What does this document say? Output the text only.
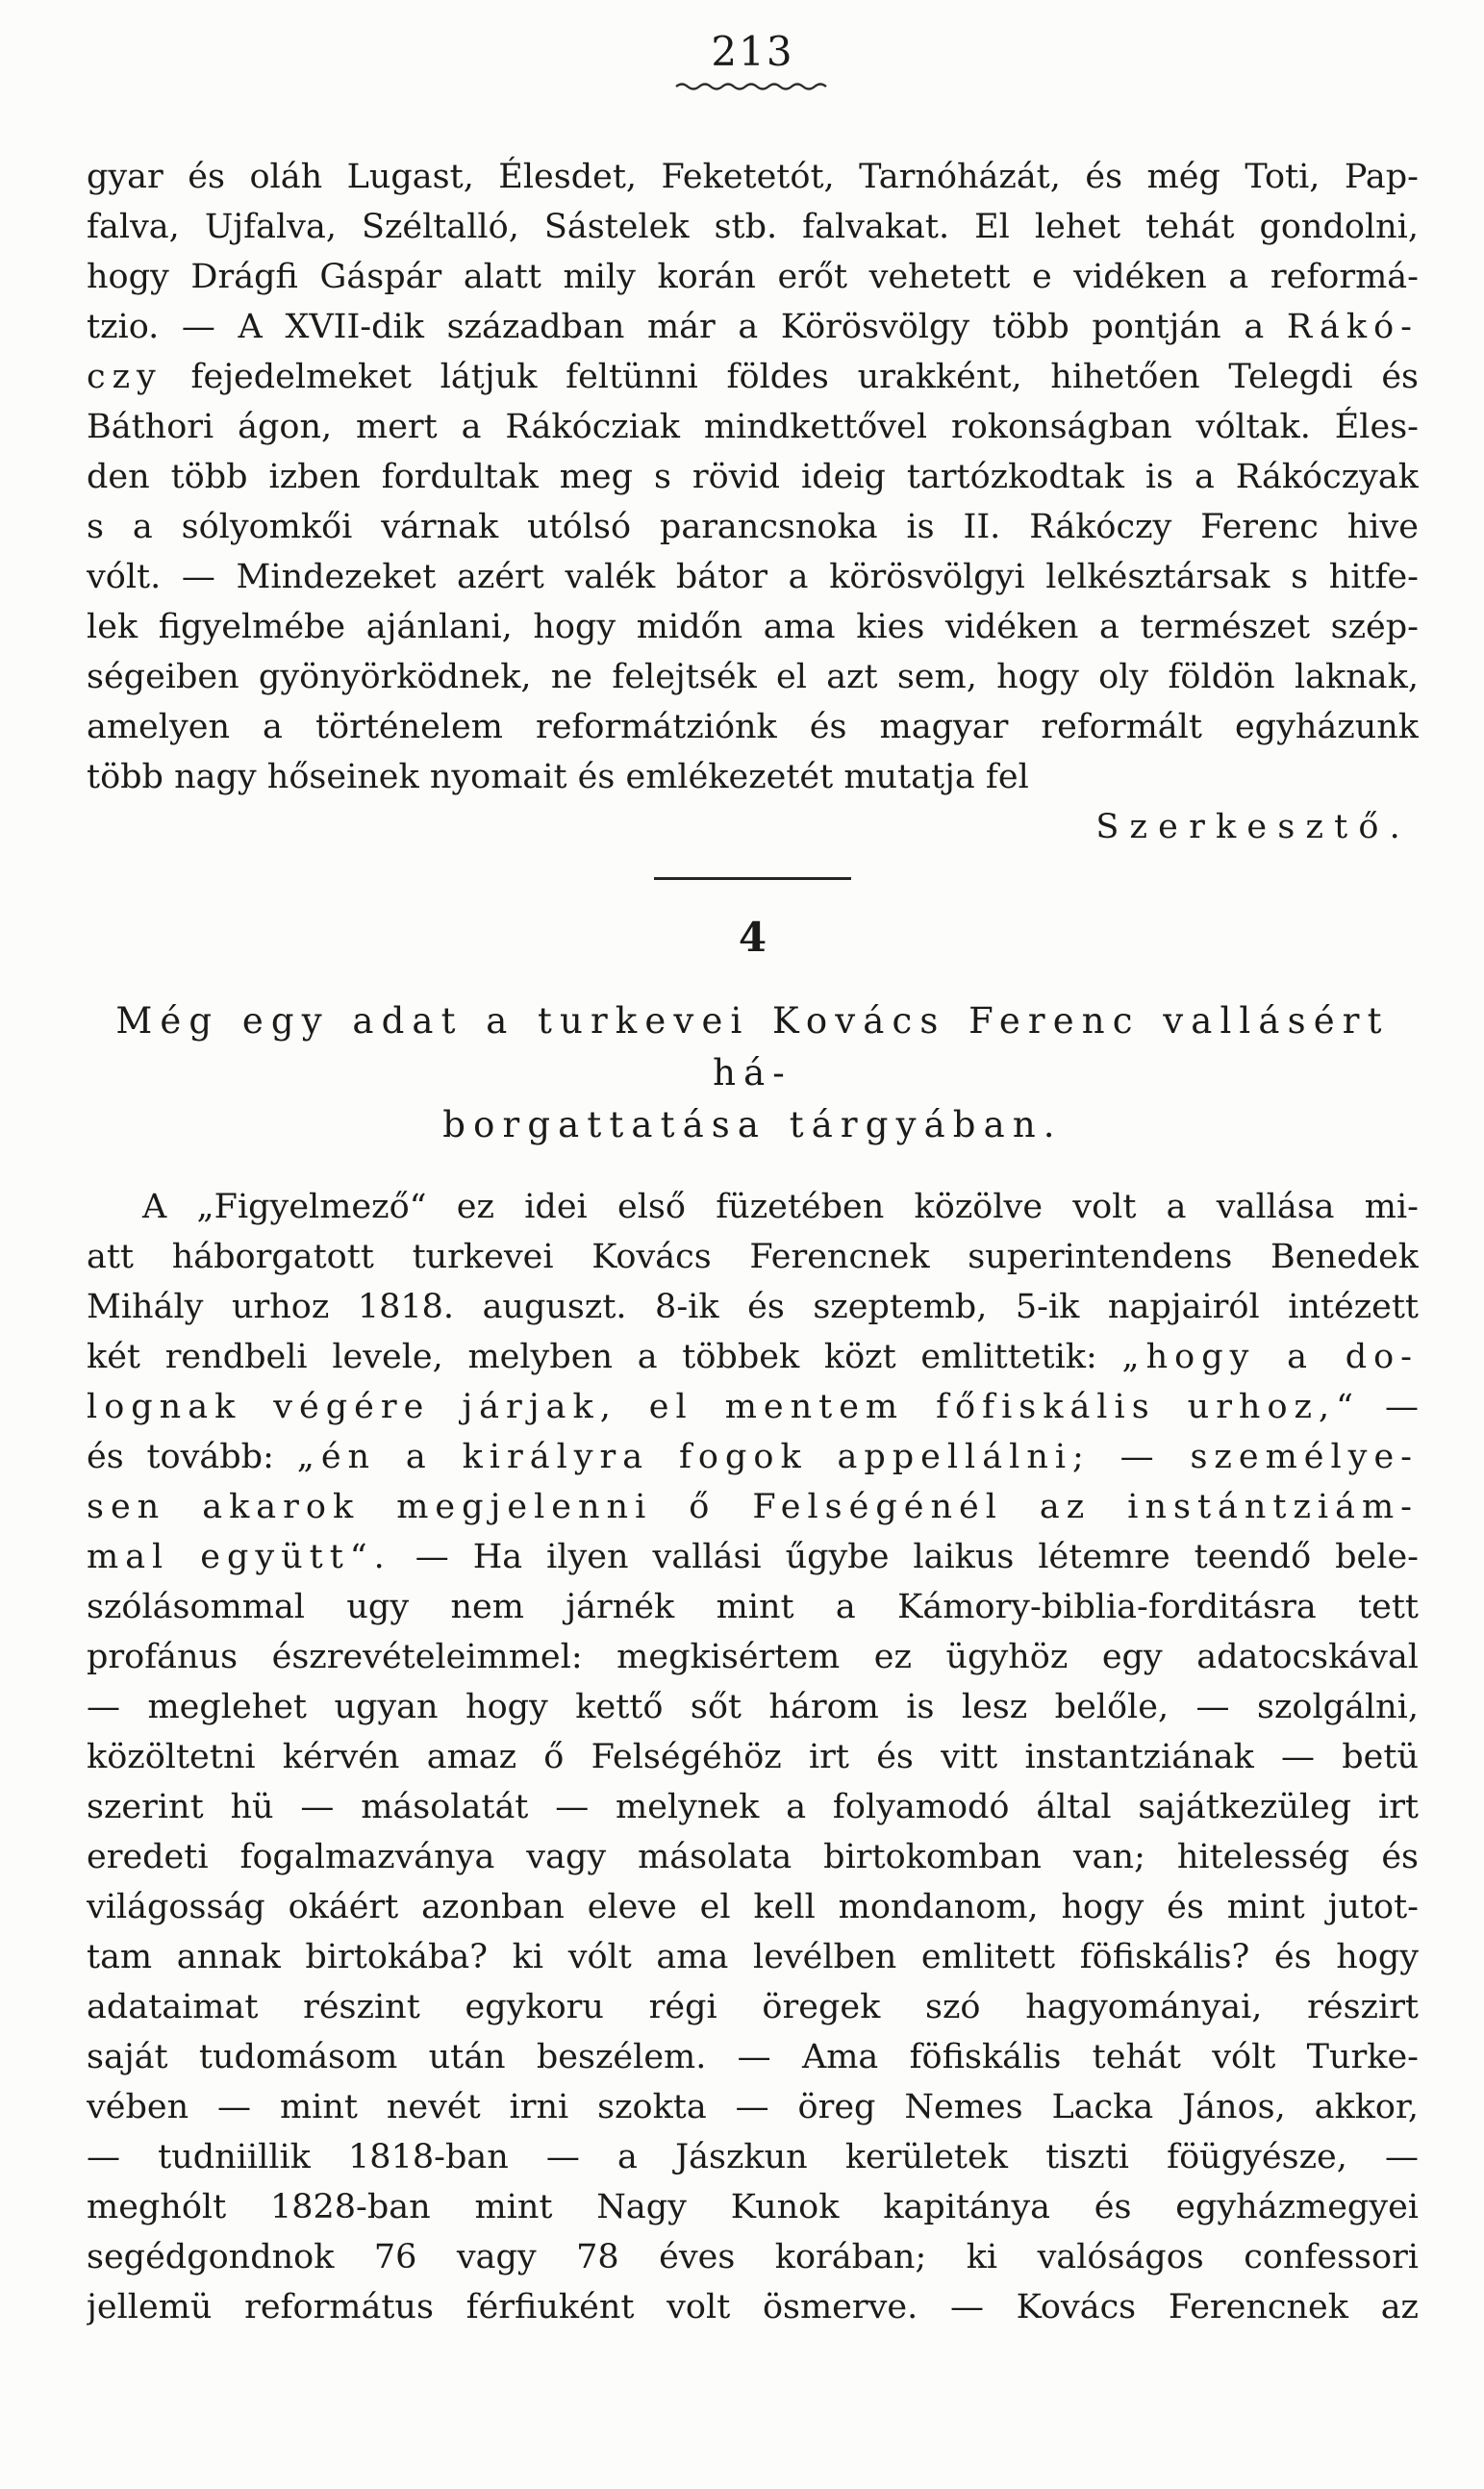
213
gyar és oláh Lugast, Élesdet, Feketetót, Tarnóházát, és még Toti, Pap-
falva, Ujfalva, Széltalló, Sástelek stb. falvakat. El lehet tehát gondolni,
hogy Drágfi Gáspár alatt mily korán erőt vehetett e vidéken a reformá-
tzio. — A XVII-dik században már a Körösvölgy több pontján a Rákó-
czy fejedelmeket látjuk feltünni földes urakként, hihetően Telegdi és
Báthori ágon, mert a Rákócziak mindkettővel rokonságban vóltak. Éles-
den több izben fordultak meg s rövid ideig tartózkodtak is a Rákóczyak
s a sólyomkői várnak utólsó parancsnoka is II. Rákóczy Ferenc hive
vólt. — Mindezeket azért valék bátor a körösvölgyi lelkésztársak s hitfe-
lek figyelmébe ajánlani, hogy midőn ama kies vidéken a természet szép-
ségeiben gyönyörködnek, ne felejtsék el azt sem, hogy oly földön laknak,
amelyen a történelem reformátziónk és magyar reformált egyházunk
több nagy hőseinek nyomait és emlékezetét mutatja fel
Szerkesztő.
4
Még egy adat a turkevei Kovács Ferenc vallásért há-
borgattatása tárgyában.
A „Figyelmező“ ez idei első füzetében közölve volt a vallása mi-
att háborgatott turkevei Kovács Ferencnek superintendens Benedek
Mihály urhoz 1818. auguszt. 8-ik és szeptemb, 5-ik napjairól intézett
két rendbeli levele, melyben a többek közt emlittetik: „hogy a do-
lognak végére járjak, el mentem főfiskális urhoz,“ —
és tovább: „én a királyra fogok appellálni; — személye-
sen akarok megjelenni ő Felségénél az instántziám-
mal együtt“. — Ha ilyen vallási űgybe laikus létemre teendő bele-
szólásommal ugy nem járnék mint a Kámory-biblia-forditásra tett
profánus észrevételeimmel: megkisértem ez ügyhöz egy adatocskával
— meglehet ugyan hogy kettő sőt három is lesz belőle, — szolgálni,
közöltetni kérvén amaz ő Felségéhöz irt és vitt instantziának — betü
szerint hü — másolatát — melynek a folyamodó által sajátkezüleg irt
eredeti fogalmazványa vagy másolata birtokomban van; hitelesség és
világosság okáért azonban eleve el kell mondanom, hogy és mint jutot-
tam annak birtokába? ki vólt ama levélben emlitett föfiskális? és hogy
adataimat részint egykoru régi öregek szó hagyományai, részirt
saját tudomásom után beszélem. — Ama föfiskális tehát vólt Turke-
vében — mint nevét irni szokta — öreg Nemes Lacka János, akkor,
— tudniillik 1818-ban — a Jászkun kerületek tiszti föügyésze, —
meghólt 1828-ban mint Nagy Kunok kapitánya és egyházmegyei
segédgondnok 76 vagy 78 éves korában; ki valóságos confessori
jellemü református férfiuként volt ösmerve. — Kovács Ferencnek az
